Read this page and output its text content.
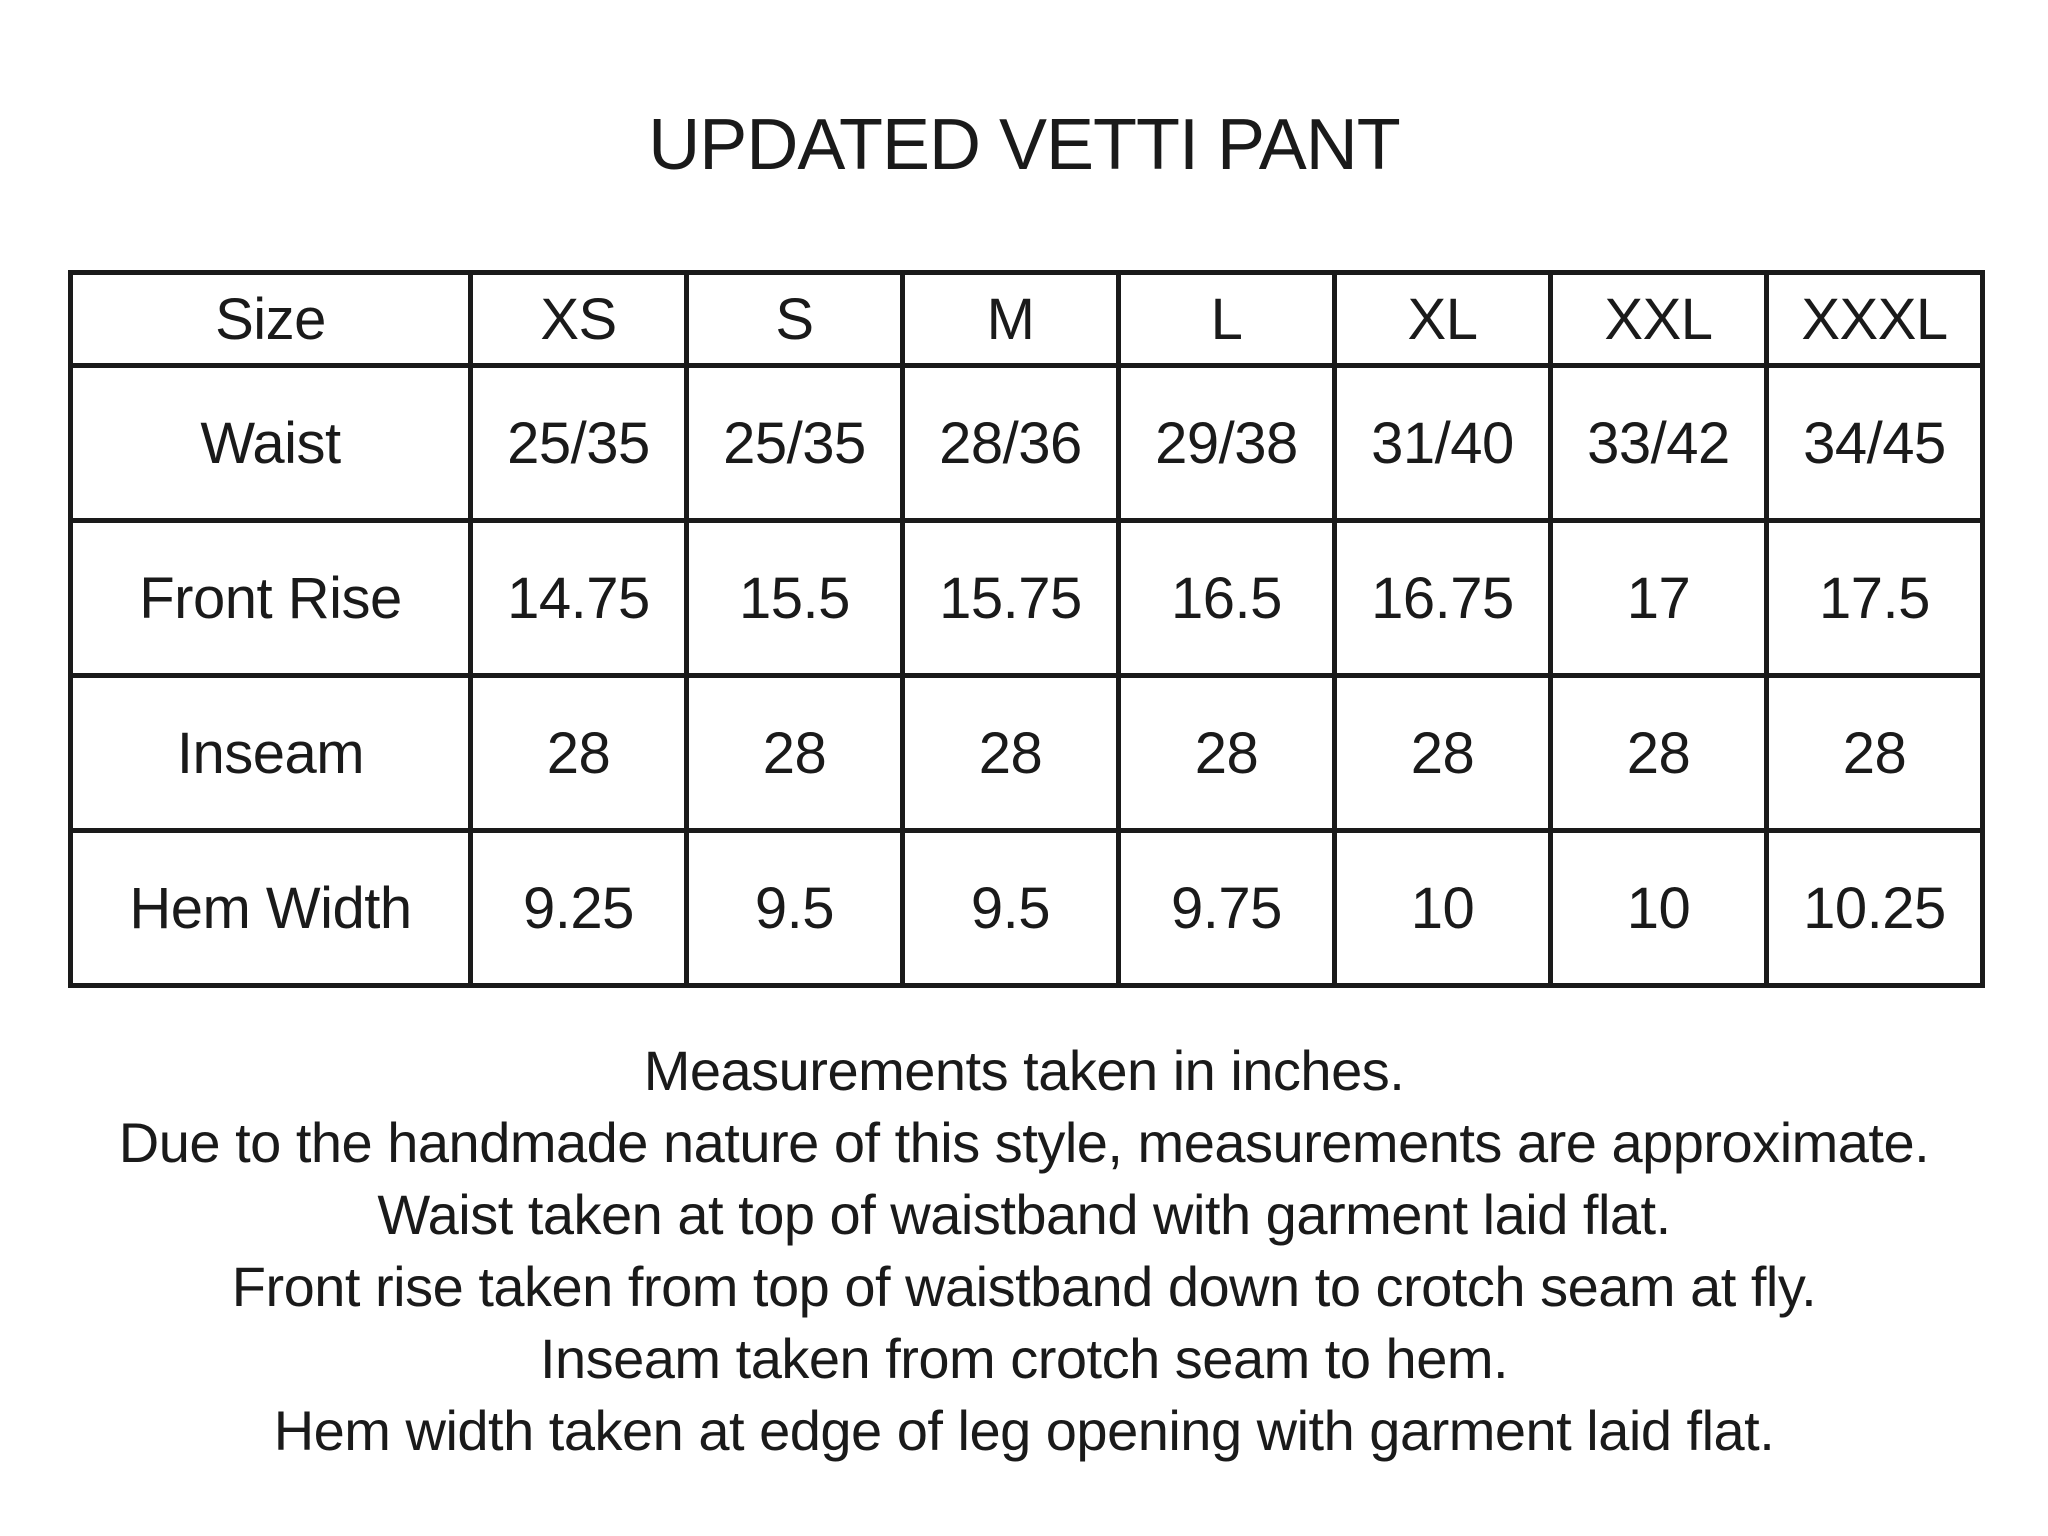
UPDATED VETTI PANT
Size	XS	S	M	L	XL	XXL	XXXL
Waist	25/35	25/35	28/36	29/38	31/40	33/42	34/45
Front Rise	14.75	15.5	15.75	16.5	16.75	17	17.5
Inseam	28	28	28	28	28	28	28
Hem Width	9.25	9.5	9.5	9.75	10	10	10.25
Measurements taken in inches.
Due to the handmade nature of this style, measurements are approximate.
Waist taken at top of waistband with garment laid flat.
Front rise taken from top of waistband down to crotch seam at fly.
Inseam taken from crotch seam to hem.
Hem width taken at edge of leg opening with garment laid flat.
